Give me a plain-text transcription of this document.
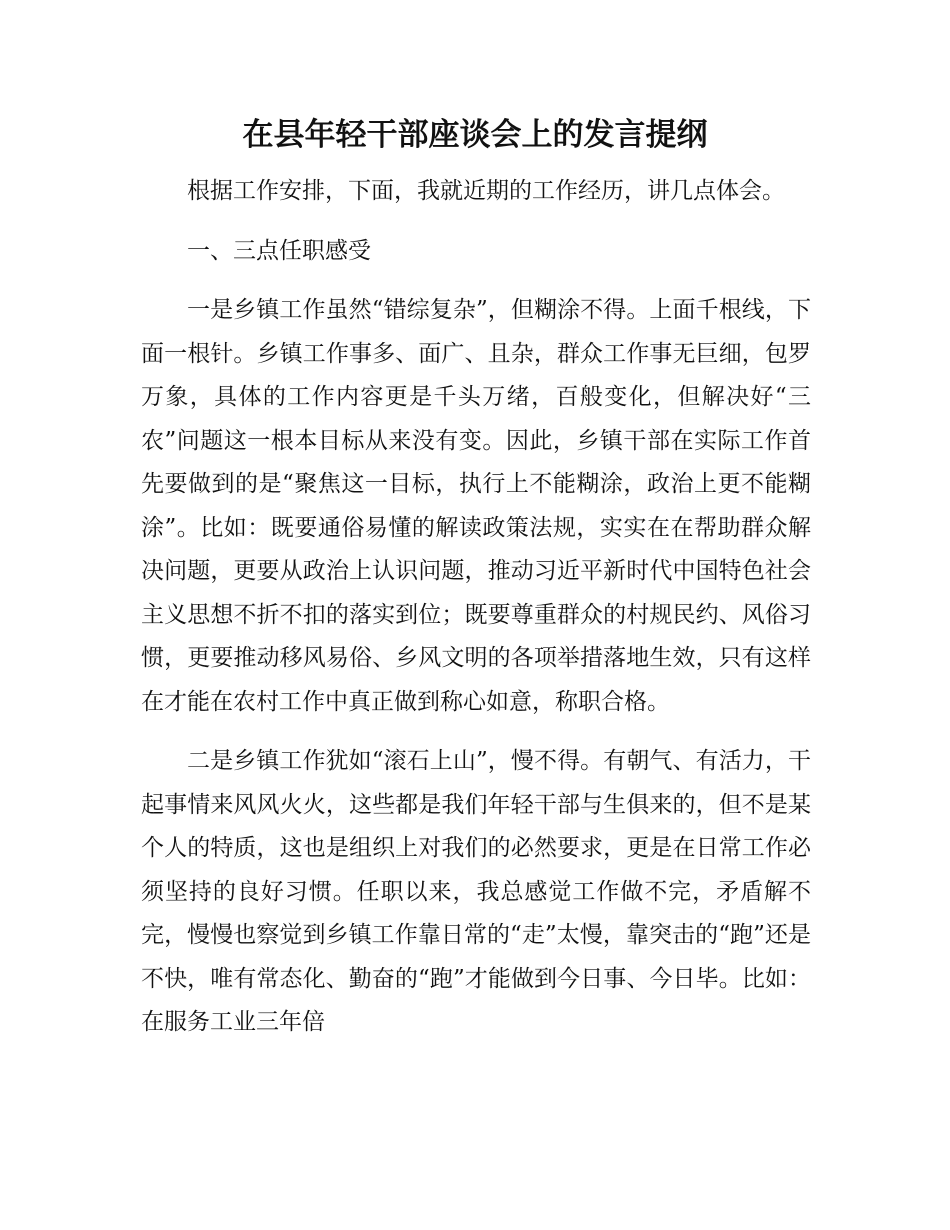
在县年轻干部座谈会上的发言提纲

根据工作安排，下面，我就近期的工作经历，讲几点体会。

一、三点任职感受

一是乡镇工作虽然“错综复杂”，但糊涂不得。上面千根线，下面一根针。乡镇工作事多、面广、且杂，群众工作事无巨细，包罗万象，具体的工作内容更是千头万绪，百般变化，但解决好“三农”问题这一根本目标从来没有变。因此，乡镇干部在实际工作首先要做到的是“聚焦这一目标，执行上不能糊涂，政治上更不能糊涂”。比如：既要通俗易懂的解读政策法规，实实在在帮助群众解决问题，更要从政治上认识问题，推动习近平新时代中国特色社会主义思想不折不扣的落实到位；既要尊重群众的村规民约、风俗习惯，更要推动移风易俗、乡风文明的各项举措落地生效，只有这样在才能在农村工作中真正做到称心如意，称职合格。

二是乡镇工作犹如“滚石上山”，慢不得。有朝气、有活力，干起事情来风风火火，这些都是我们年轻干部与生俱来的，但不是某个人的特质，这也是组织上对我们的必然要求，更是在日常工作必须坚持的良好习惯。任职以来，我总感觉工作做不完，矛盾解不完，慢慢也察觉到乡镇工作靠日常的“走”太慢，靠突击的“跑”还是不快，唯有常态化、勤奋的“跑”才能做到今日事、今日毕。比如：在服务工业三年倍
